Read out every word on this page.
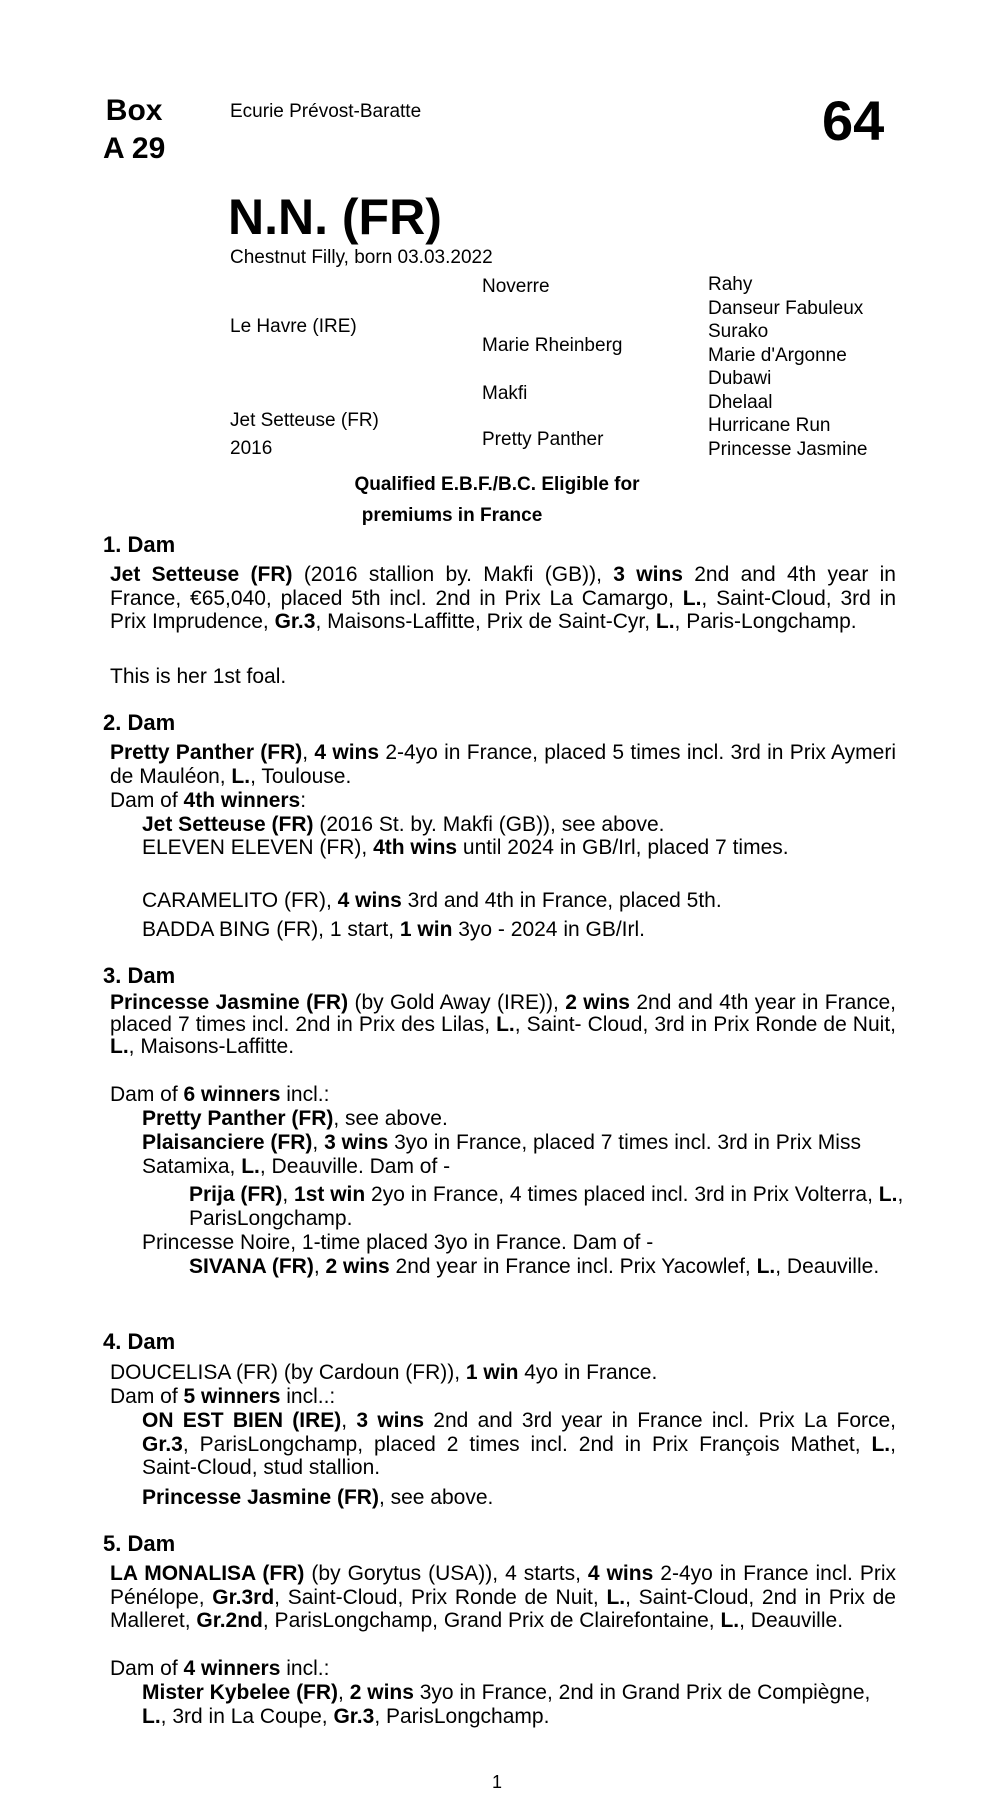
Box
A 29
Ecurie Prévost-Baratte	64
N.N. (FR)
Chestnut Filly, born 03.03.2022
Le Havre (IRE)
Jet Setteuse (FR)
2016
Noverre
Marie Rheinberg
Makfi
Pretty Panther
Rahy
Danseur Fabuleux
Surako
Marie d'Argonne
Dubawi
Dhelaal
Hurricane Run
Princesse Jasmine
Qualified E.B.F./B.C. Eligible for
premiums in France
1. Dam
Jet Setteuse (FR) (2016 stallion by. Makfi (GB)), 3 wins 2nd and 4th year in France, €65,040, placed 5th incl. 2nd in Prix La Camargo, L., Saint-Cloud, 3rd in Prix Imprudence, Gr.3, Maisons-Laffitte, Prix de Saint-Cyr, L., Paris-Longchamp.
This is her 1st foal.
2. Dam
Pretty Panther (FR), 4 wins 2-4yo in France, placed 5 times incl. 3rd in Prix Aymeri de Mauléon, L., Toulouse.
Dam of 4th winners:
Jet Setteuse (FR) (2016 St. by. Makfi (GB)), see above.
ELEVEN ELEVEN (FR), 4th wins until 2024 in GB/Irl, placed 7 times.
CARAMELITO (FR), 4 wins 3rd and 4th in France, placed 5th.
BADDA BING (FR), 1 start, 1 win 3yo - 2024 in GB/Irl.
3. Dam
Princesse Jasmine (FR) (by Gold Away (IRE)), 2 wins 2nd and 4th year in France, placed 7 times incl. 2nd in Prix des Lilas, L., Saint- Cloud, 3rd in Prix Ronde de Nuit, L., Maisons-Laffitte.
Dam of 6 winners incl.:
Pretty Panther (FR), see above.
Plaisanciere (FR), 3 wins 3yo in France, placed 7 times incl. 3rd in Prix Miss Satamixa, L., Deauville. Dam of -
Prija (FR), 1st win 2yo in France, 4 times placed incl. 3rd in Prix Volterra, L., ParisLongchamp.
Princesse Noire, 1-time placed 3yo in France. Dam of -
SIVANA (FR), 2 wins 2nd year in France incl. Prix Yacowlef, L., Deauville.
4. Dam
DOUCELISA (FR) (by Cardoun (FR)), 1 win 4yo in France.
Dam of 5 winners incl..:
ON EST BIEN (IRE), 3 wins 2nd and 3rd year in France incl. Prix La Force, Gr.3, ParisLongchamp, placed 2 times incl. 2nd in Prix François Mathet, L., Saint-Cloud, stud stallion.
Princesse Jasmine (FR), see above.
5. Dam
LA MONALISA (FR) (by Gorytus (USA)), 4 starts, 4 wins 2-4yo in France incl. Prix Pénélope, Gr.3rd, Saint-Cloud, Prix Ronde de Nuit, L., Saint-Cloud, 2nd in Prix de Malleret, Gr.2nd, ParisLongchamp, Grand Prix de Clairefontaine, L., Deauville.
Dam of 4 winners incl.:
Mister Kybelee (FR), 2 wins 3yo in France, 2nd in Grand Prix de Compiègne, L., 3rd in La Coupe, Gr.3, ParisLongchamp.
1
